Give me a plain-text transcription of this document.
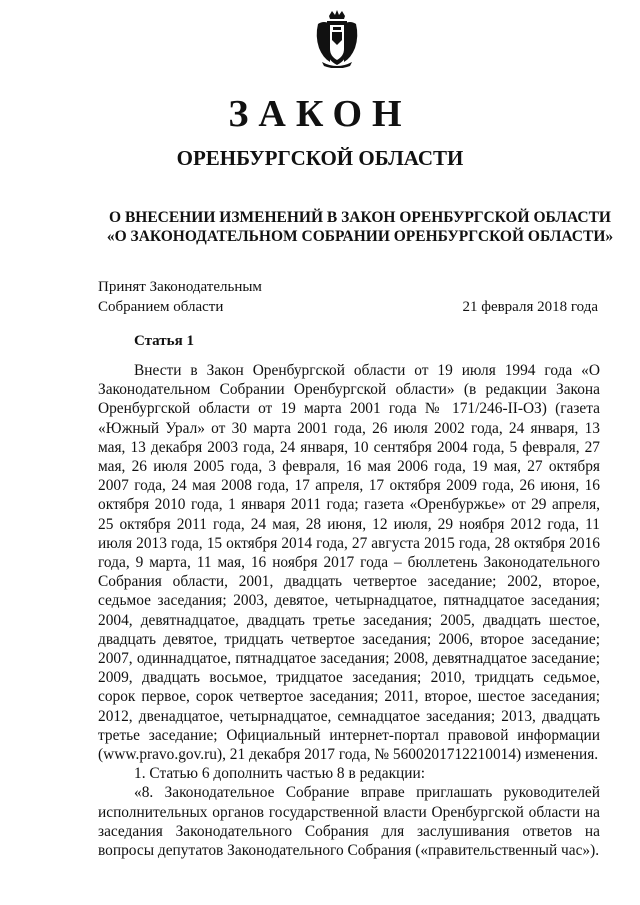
ЗАКОН
ОРЕНБУРГСКОЙ ОБЛАСТИ
О ВНЕСЕНИИ ИЗМЕНЕНИЙ В ЗАКОН ОРЕНБУРГСКОЙ ОБЛАСТИ
«О ЗАКОНОДАТЕЛЬНОМ СОБРАНИИ ОРЕНБУРГСКОЙ ОБЛАСТИ»
Принят Законодательным
Собранием области	21 февраля 2018 года
Статья 1

Внести в Закон Оренбургской области от 19 июля 1994 года «О Законодательном Собрании Оренбургской области» (в редакции Закона Оренбургской области от 19 марта 2001 года № 171/246-II-ОЗ) (газета «Южный Урал» от 30 марта 2001 года, 26 июля 2002 года, 24 января, 13 мая, 13 декабря 2003 года, 24 января, 10 сентября 2004 года, 5 февраля, 27 мая, 26 июля 2005 года, 3 февраля, 16 мая 2006 года, 19 мая, 27 октября 2007 года, 24 мая 2008 года, 17 апреля, 17 октября 2009 года, 26 июня, 16 октября 2010 года, 1 января 2011 года; газета «Оренбуржье» от 29 апреля, 25 октября 2011 года, 24 мая, 28 июня, 12 июля, 29 ноября 2012 года, 11 июля 2013 года, 15 октября 2014 года, 27 августа 2015 года, 28 октября 2016 года, 9 марта, 11 мая, 16 ноября 2017 года – бюллетень Законодательного Собрания области, 2001, двадцать четвертое заседание; 2002, второе, седьмое заседания; 2003, девятое, четырнадцатое, пятнадцатое заседания; 2004, девятнадцатое, двадцать третье заседания; 2005, двадцать шестое, двадцать девятое, тридцать четвертое заседания; 2006, второе заседание; 2007, одиннадцатое, пятнадцатое заседания; 2008, девятнадцатое заседание; 2009, двадцать восьмое, тридцатое заседания; 2010, тридцать седьмое, сорок первое, сорок четвертое заседания; 2011, второе, шестое заседания; 2012, двенадцатое, четырнадцатое, семнадцатое заседания; 2013, двадцать третье заседание; Официальный интернет-портал правовой информации (www.pravo.gov.ru), 21 декабря 2017 года, № 5600201712210014) изменения.

1. Статью 6 дополнить частью 8 в редакции:

«8. Законодательное Собрание вправе приглашать руководителей исполнительных органов государственной власти Оренбургской области на заседания Законодательного Собрания для заслушивания ответов на вопросы депутатов Законодательного Собрания («правительственный час»).
